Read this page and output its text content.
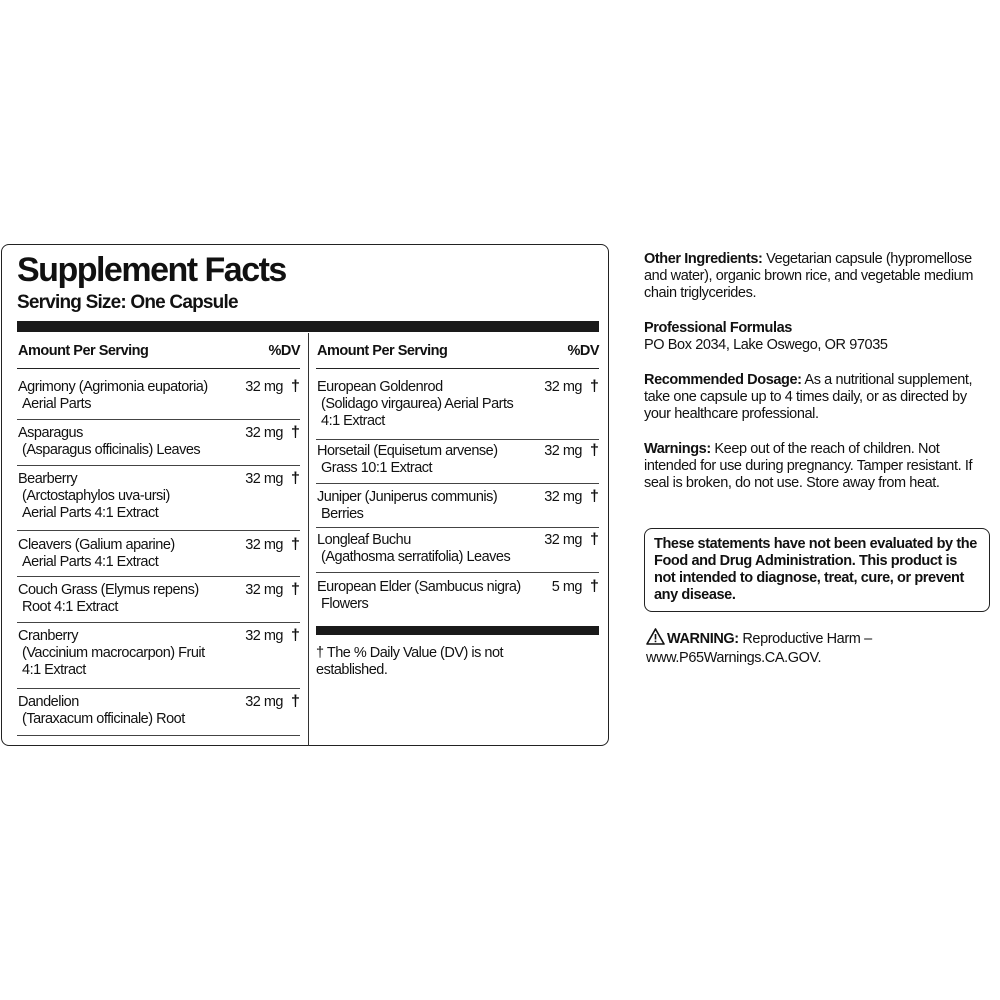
Supplement Facts
Serving Size: One Capsule
Amount Per Serving	%DV Amount Per Serving	%DV
Agrimony (Agrimonia eupatoria)
Aerial Parts
32 mg †
Asparagus
(Asparagus officinalis) Leaves
32 mg †
Bearberry
(Arctostaphylos uva-ursi)
Aerial Parts 4:1 Extract
32 mg †
Cleavers (Galium aparine)
Aerial Parts 4:1 Extract
32 mg †
Couch Grass (Elymus repens)
Root 4:1 Extract
32 mg †
Cranberry
(Vaccinium macrocarpon) Fruit
4:1 Extract
32 mg †
Dandelion
(Taraxacum officinale) Root
32 mg †
European Goldenrod
(Solidago virgaurea) Aerial Parts
4:1 Extract
32 mg †
Horsetail (Equisetum arvense)
Grass 10:1 Extract
32 mg †
Juniper (Juniperus communis)
Berries
32 mg †
Longleaf Buchu
(Agathosma serratifolia) Leaves
32 mg †
European Elder (Sambucus nigra)
Flowers
5 mg †
† The % Daily Value (DV) is not established.
Other Ingredients: Vegetarian capsule (hypromellose and water), organic brown rice, and vegetable medium chain triglycerides.
Professional Formulas
PO Box 2034, Lake Oswego, OR 97035
Recommended Dosage: As a nutritional supplement, take one capsule up to 4 times daily, or as directed by your healthcare professional.
Warnings: Keep out of the reach of children. Not intended for use during pregnancy. Tamper resistant. If seal is broken, do not use. Store away from heat.
These statements have not been evaluated by the Food and Drug Administration. This product is not intended to diagnose, treat, cure, or prevent any disease.
WARNING: Reproductive Harm – www.P65Warnings.CA.GOV.
